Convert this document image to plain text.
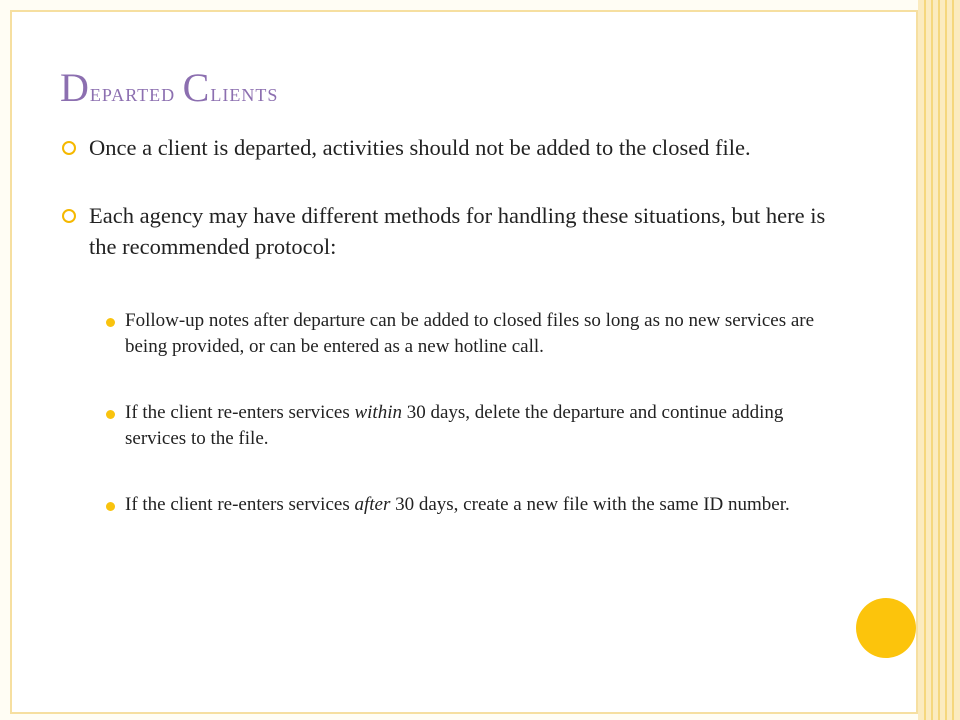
Departed Clients

Once a client is departed, activities should not be added to the closed file.

Each agency may have different methods for handling these situations, but here is the recommended protocol:

Follow-up notes after departure can be added to closed files so long as no new services are being provided, or can be entered as a new hotline call.

If the client re-enters services within 30 days, delete the departure and continue adding services to the file.

If the client re-enters services after 30 days, create a new file with the same ID number.
